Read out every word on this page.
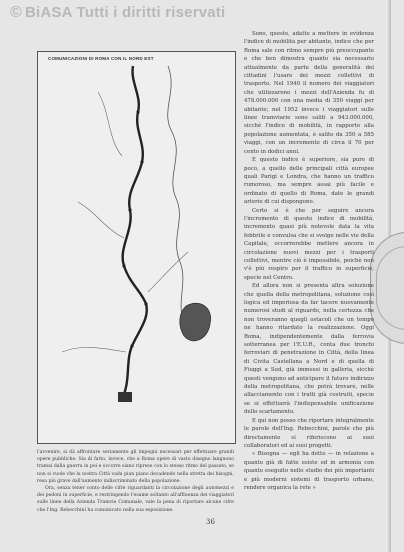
© BiASA Tutti i diritti riservati
COMUNICAZIONI DI ROMA CON IL NORD EST

Sono, queste, adatte a mettere in evidenza l'indice di mobilità per abitante, indice che per Roma sale con ritmo sempre più preoccupante e che ben dimostra quanto sia necessario attualmente da parte della generalità dei cittadini l'usare dei mezzi collettivi di trasporto. Nel 1940 il numero dei viaggiatori che utilizzarono i mezzi dell'Azienda fu di 478.000.000 con una media di 350 viaggi per abitante; nel 1952 invece i viaggiatori sulle linee tramviarie sono saliti a 943.000.000, sicchè l'indice di mobilità, in rapporto alla popolazione aumentata, è salito da 350 a 585 viaggi, con un incremento di circa il 70 per cento in dodici anni.

E questo indice è superiore, sia pure di poco, a quello delle principali città europee quali Parigi e Londra, che hanno un traffico rumoroso, ma sempre assai più facile e ordinato di quello di Roma, date le grandi arterie di cui dispongono.

Certo si è che per seguire ancora l'incremento di questo indice di mobilità, incremento quasi più notevole data la vita febbrile e convulsa che si svolge nelle vie della Capitale, occorrerebbe mettere ancora in circolazione nuovi mezzi per i trasporti collettivi, mentre ciò è impossibile, poichè non v'è più respiro per il traffico in superficie, specie nel Centro.

Ed allora non si presenta altra soluzione che quella della metropolitana, soluzione così logica ed imperiosa da far tacere nuovamente numerosi studi al riguardo, nella certezza che non troveranno quegli ostacoli che un tempo ne hanno ritardato la realizzazione. Oggi Roma, indipendentemente dalla ferrovia sotterranea per l'E.U.R., conta due tronchi ferroviari di penetrazione in Città, della linea di Civita Castellana a Nord e di quella di Fiuggi a Sud, già immessi in galleria, sicchè questi vengono ad anticipare il futuro indirizzo della metropolitana, che potrà trovare, nelle allacciamento con i tratti già costruiti, specie se si effettuerà l'indispensabile unificazione dello scartamento.

E qui non posso che riportare integralmente le parole dell'Ing. Rebecchini, parole che più directamente si riferiscono ai suoi collaboratori ed ai suoi progetti.

« Bisogna — egli ha detto — in relazione a quanto già di fatto esiste ed in armonia con quanto eseguito nello studio dei più importanti e più moderni sistemi di trasporto urbano, rendere organica la rete »

l'avvenire, si dà affrontare seriamente gli impegni necessari per effettuare grandi opere pubbliche. Sia di fatto, invece, che a Roma opere di vasto disegno languono tramai dalla guerra in poi e occorre siano riprese con lo stesso ritmo del passato, se non si vuole che la nostra Città vada pian piano decadendo nella stretta dei bisogni, resa più grave dall'aumento indiscriminato della popolazione.

Ora, senza tener conto delle cifre riguardanti la circolazione degli automezzi e dei pedoni in superficie, e restringendo l'esame soltanto all'affluenza dei viaggiatori sulle linee della Azienda Tramvie Comunale, vale la pena di riportare alcune cifre che l'Ing. Rebecchini ha comunicato nella sua esposizione.

36
